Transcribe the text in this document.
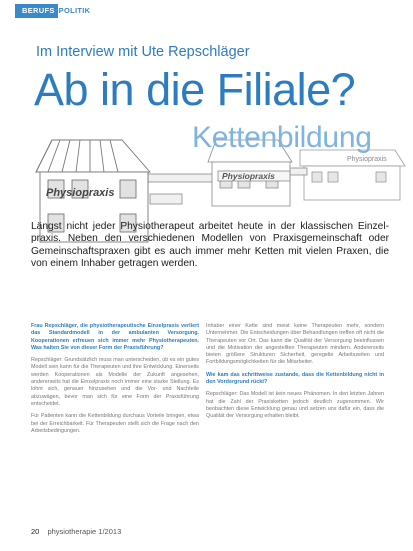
BERUFS POLITIK
Im Interview mit Ute Repschläger
Physiopraxis
Physiopraxis
Physiopraxis
Ab in die Filiale?
Kettenbildung
Längst nicht jeder Physiotherapeut arbeitet heute in der klassischen Einzelpraxis. Neben den verschiedenen Modellen von Praxisgemeinschaft oder Gemeinschaftspraxen gibt es auch immer mehr Ketten mit vielen Praxen, die von einem Inhaber getragen werden.

Frau Repschläger, die physiotherapeutische Einzelpraxis verliert das Standardmodell in der ambulanten Versorgung. Kooperationen erfreuen sich immer mehr Physiotherapeuten. Was halten Sie von dieser Form der Praxisführung?

Repschläger: Grundsätzlich muss man unterscheiden, ob es ein gutes Modell sein kann für die Therapeuten und ihre Entwicklung. Einerseits werden Kooperationen als Modelle der Zukunft angesehen, andererseits hat die Einzelpraxis noch immer eine starke Stellung. Es lohnt sich, genauer hinzusehen und die Vor- und Nachteile abzuwägen, bevor man sich für eine Form der Praxisführung entscheidet.

Für Patienten kann die Kettenbildung durchaus Vorteile bringen, etwa bei der Erreichbarkeit. Für Therapeuten stellt sich die Frage nach den Arbeitsbedingungen.

Inhaber einer Kette sind meist keine Therapeuten mehr, sondern Unternehmer. Die Entscheidungen über Behandlungen treffen oft nicht die Therapeuten vor Ort. Das kann die Qualität der Versorgung beeinflussen und die Motivation der angestellten Therapeuten mindern. Andererseits bieten größere Strukturen Sicherheit, geregelte Arbeitszeiten und Fortbildungsmöglichkeiten für die Mitarbeiter.

Wie kam das schrittweise zustande, dass die Kettenbildung nicht in den Vordergrund rückt?

Repschläger: Das Modell ist kein neues Phänomen. In den letzten Jahren hat die Zahl der Praxisketten jedoch deutlich zugenommen. Wir beobachten diese Entwicklung genau und setzen uns dafür ein, dass die Qualität der Versorgung erhalten bleibt.

20 physiotherapie 1/2013
